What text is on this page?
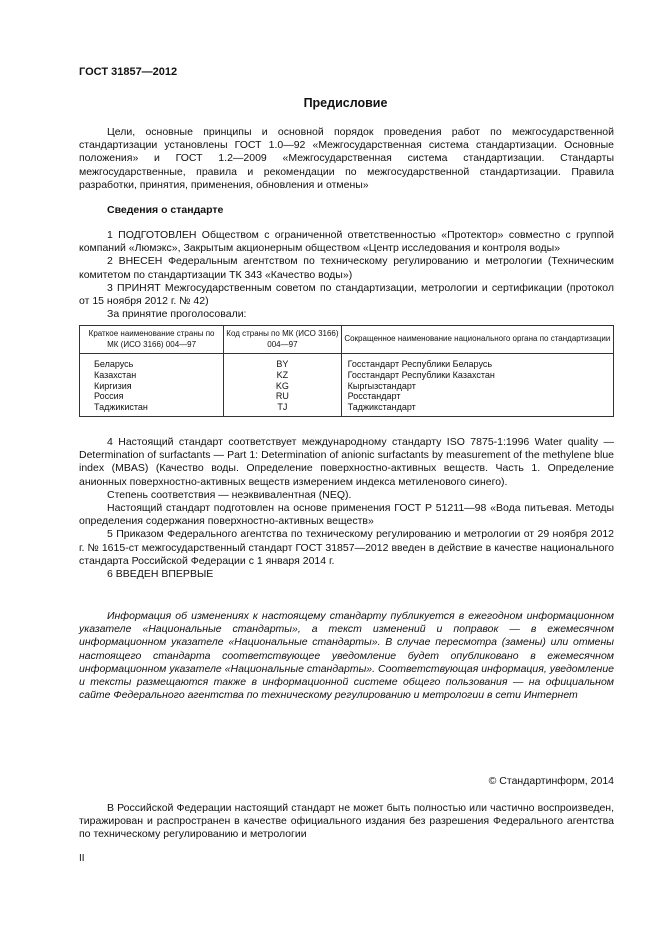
ГОСТ 31857—2012
Предисловие

Цели, основные принципы и основной порядок проведения работ по межгосударственной стандартизации установлены ГОСТ 1.0—92 «Межгосударственная система стандартизации. Основные положения» и ГОСТ 1.2—2009 «Межгосударственная система стандартизации. Стандарты межгосударственные, правила и рекомендации по межгосударственной стандартизации. Правила разработки, принятия, применения, обновления и отмены»

Сведения о стандарте

1 ПОДГОТОВЛЕН Обществом с ограниченной ответственностью «Протектор» совместно с группой компаний «Люмэкс», Закрытым акционерным обществом «Центр исследования и контроля воды»

2 ВНЕСЕН Федеральным агентством по техническому регулированию и метрологии (Техническим комитетом по стандартизации ТК 343 «Качество воды»)

3 ПРИНЯТ Межгосударственным советом по стандартизации, метрологии и сертификации (протокол от 15 ноября 2012 г. № 42)

За принятие проголосовали:

Краткое наименование страны по МК (ИСО 3166) 004—97	Код страны по МК (ИСО 3166) 004—97	Сокращенное наименование национального органа по стандартизации
Беларусь	BY	Госстандарт Республики Беларусь
Казахстан	KZ	Госстандарт Республики Казахстан
Киргизия	KG	Кыргызстандарт
Россия	RU	Росстандарт
Таджикистан	TJ	Таджикстандарт

4 Настоящий стандарт соответствует международному стандарту ISO 7875-1:1996 Water quality — Determination of surfactants — Part 1: Determination of anionic surfactants by measurement of the methylene blue index (MBAS) (Качество воды. Определение поверхностно-активных веществ. Часть 1. Определение анионных поверхностно-активных веществ измерением индекса метиленового синего).

Степень соответствия — неэквивалентная (NEQ).

Настоящий стандарт подготовлен на основе применения ГОСТ Р 51211—98 «Вода питьевая. Методы определения содержания поверхностно-активных веществ»

5 Приказом Федерального агентства по техническому регулированию и метрологии от 29 ноября 2012 г. № 1615-ст межгосударственный стандарт ГОСТ 31857—2012 введен в действие в качестве национального стандарта Российской Федерации с 1 января 2014 г.

6 ВВЕДЕН ВПЕРВЫЕ

Информация об изменениях к настоящему стандарту публикуется в ежегодном информационном указателе «Национальные стандарты», а текст изменений и поправок — в ежемесячном информационном указателе «Национальные стандарты». В случае пересмотра (замены) или отмены настоящего стандарта соответствующее уведомление будет опубликовано в ежемесячном информационном указателе «Национальные стандарты». Соответствующая информация, уведомление и тексты размещаются также в информационной системе общего пользования — на официальном сайте Федерального агентства по техническому регулированию и метрологии в сети Интернет

© Стандартинформ, 2014

В Российской Федерации настоящий стандарт не может быть полностью или частично воспроизведен, тиражирован и распространен в качестве официального издания без разрешения Федерального агентства по техническому регулированию и метрологии

II
